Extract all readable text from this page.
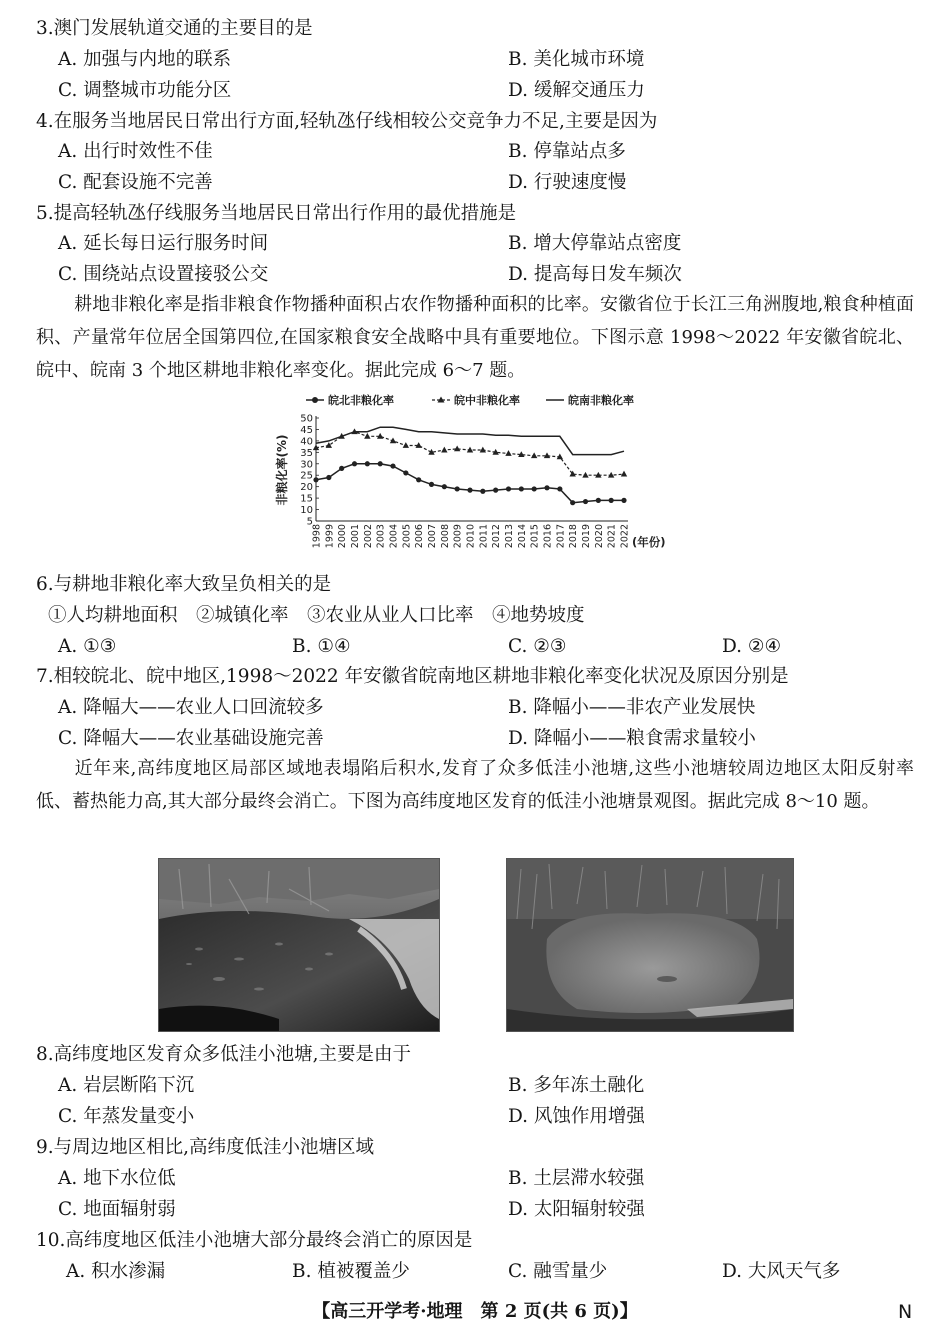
3.澳门发展轨道交通的主要目的是
A. 加强与内地的联系	B. 美化城市环境
C. 调整城市功能分区	D. 缓解交通压力
4.在服务当地居民日常出行方面,轻轨氹仔线相较公交竞争力不足,主要是因为
A. 出行时效性不佳	B. 停靠站点多
C. 配套设施不完善	D. 行驶速度慢
5.提高轻轨氹仔线服务当地居民日常出行作用的最优措施是
A. 延长每日运行服务时间	B. 增大停靠站点密度
C. 围绕站点设置接驳公交	D. 提高每日发车频次
耕地非粮化率是指非粮食作物播种面积占农作物播种面积的比率。安徽省位于长江三角洲腹地,粮食种植面积、产量常年位居全国第四位,在国家粮食安全战略中具有重要地位。下图示意 1998～2022 年安徽省皖北、皖中、皖南 3 个地区耕地非粮化率变化。据此完成 6～7 题。
皖北非粮化率	皖中非粮化率	皖南非粮化率
非粮化率(%)
5
10
15
20
25
30
35
40
45
50
1998 1999 2000 2001 2002 2003 2004 2005 2006 2007 2008 2009 2010 2011 2012 2013 2014 2015 2016 2017 2018 2019 2020 2021 2022 (年份)
6.与耕地非粮化率大致呈负相关的是
①人均耕地面积　②城镇化率　③农业从业人口比率　④地势坡度
A. ①③	B. ①④	C. ②③	D. ②④
7.相较皖北、皖中地区,1998～2022 年安徽省皖南地区耕地非粮化率变化状况及原因分别是
A. 降幅大——农业人口回流较多	B. 降幅小——非农产业发展快
C. 降幅大——农业基础设施完善	D. 降幅小——粮食需求量较小
近年来,高纬度地区局部区域地表塌陷后积水,发育了众多低洼小池塘,这些小池塘较周边地区太阳反射率低、蓄热能力高,其大部分最终会消亡。下图为高纬度地区发育的低洼小池塘景观图。据此完成 8～10 题。
8.高纬度地区发育众多低洼小池塘,主要是由于
A. 岩层断陷下沉	B. 多年冻土融化
C. 年蒸发量变小	D. 风蚀作用增强
9.与周边地区相比,高纬度低洼小池塘区域
A. 地下水位低	B. 土层滞水较强
C. 地面辐射弱	D. 太阳辐射较强
10.高纬度地区低洼小池塘大部分最终会消亡的原因是
A. 积水渗漏	B. 植被覆盖少	C. 融雪量少	D. 大风天气多
【高三开学考·地理　第 2 页(共 6 页)】	N
